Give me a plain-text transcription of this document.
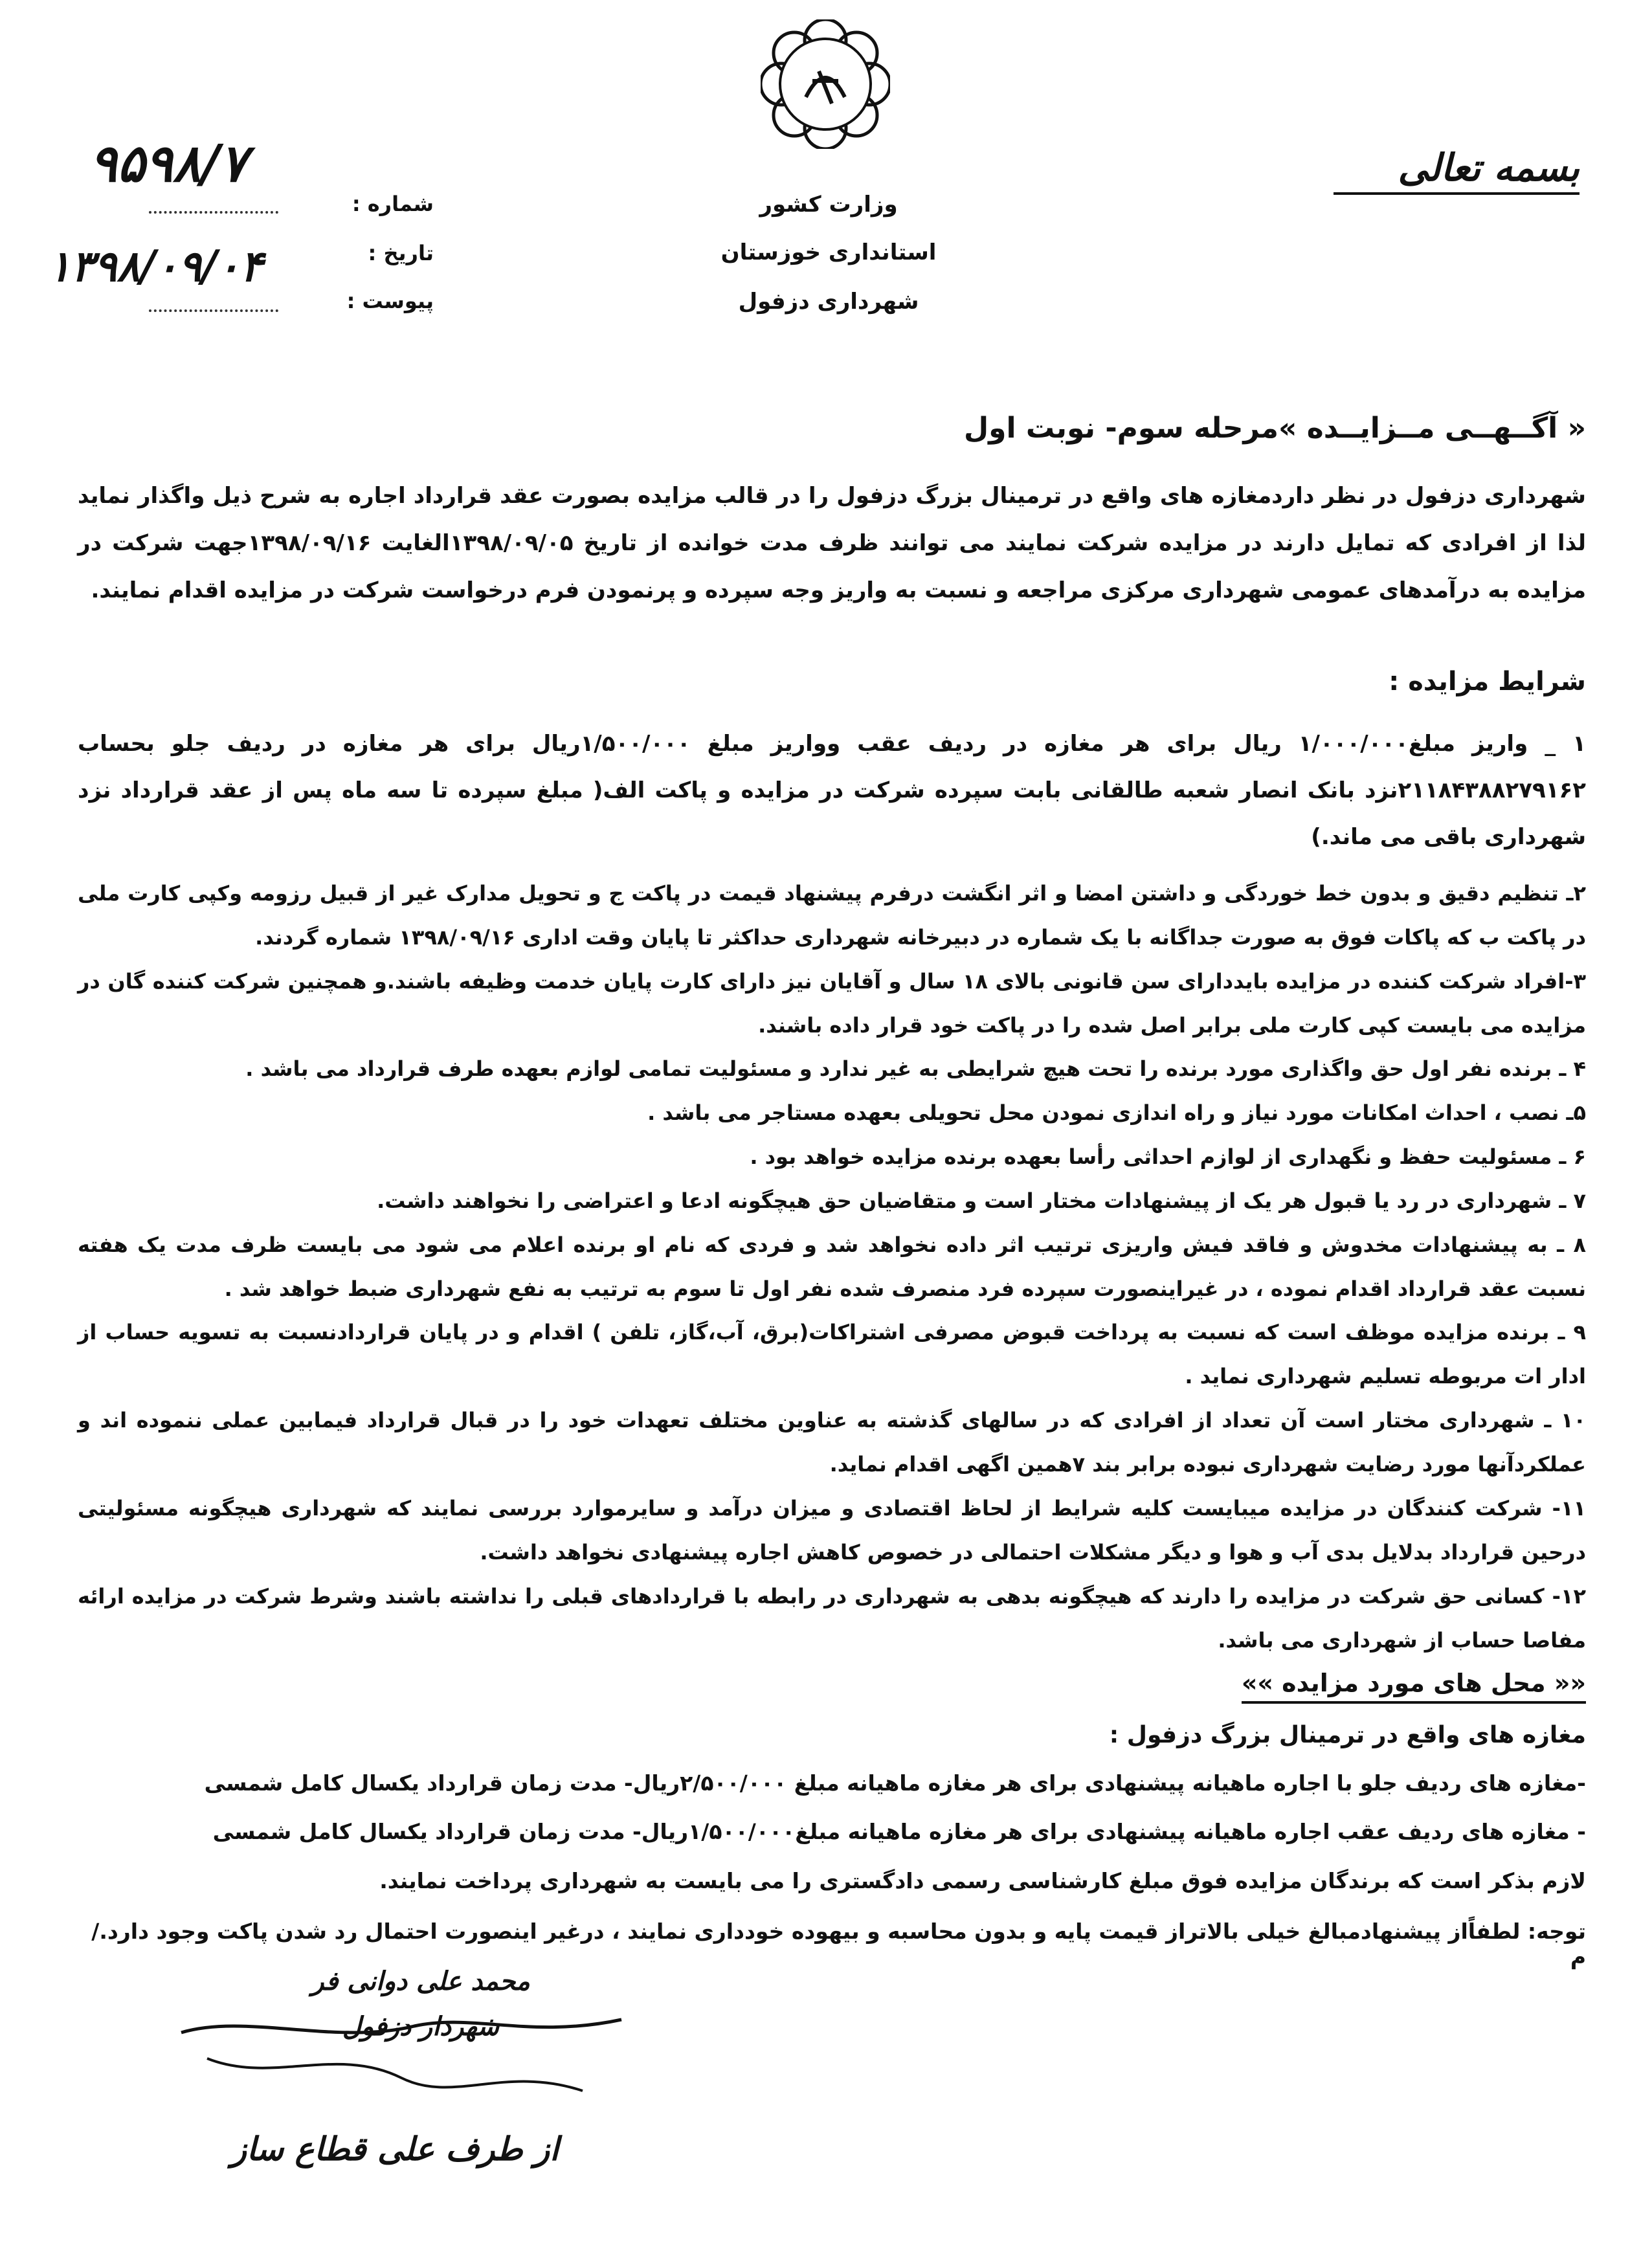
بسمه تعالی
وزارت کشور
استانداری خوزستان
شهرداری دزفول
شماره :
تاریخ :
پیوست :
۹۵۹۸/۷
۱۳۹۸/۰۹/۰۴
« آگــهــی مــزایــده »مرحله سوم- نوبت اول
شهرداری دزفول در نظر داردمغازه های واقع در ترمینال بزرگ دزفول را در قالب مزایده بصورت عقد قرارداد اجاره به شرح ذیل واگذار نماید لذا از افرادی که تمایل دارند در مزایده شرکت نمایند می توانند ظرف مدت خوانده از تاریخ ۱۳۹۸/۰۹/۰۵الغایت ۱۳۹۸/۰۹/۱۶جهت شرکت در مزایده به درآمدهای عمومی شهرداری مرکزی مراجعه و نسبت به واریز وجه سپرده و پرنمودن فرم درخواست شرکت در مزایده اقدام نمایند.
شرایط مزایده :
۱ _ واریز مبلغ۱/۰۰۰/۰۰۰ ریال برای هر مغازه در ردیف عقب وواریز مبلغ ۱/۵۰۰/۰۰۰ریال برای هر مغازه در ردیف جلو بحساب ۲۱۱۸۴۳۸۸۲۷۹۱۶۲نزد بانک انصار شعبه طالقانی بابت سپرده شرکت در مزایده و پاکت الف( مبلغ سپرده تا سه ماه پس از عقد قرارداد نزد شهرداری باقی می ماند.)
۲ـ تنظیم دقیق و بدون خط خوردگی و داشتن امضا و اثر انگشت درفرم پیشنهاد قیمت در پاکت ج و تحویل مدارک غیر از قبیل رزومه وکپی کارت ملی در پاکت ب که پاکات فوق به صورت جداگانه با یک شماره در دبیرخانه شهرداری حداکثر تا پایان وقت اداری ۱۳۹۸/۰۹/۱۶ شماره گردند.
۳-افراد شرکت کننده در مزایده بایددارای سن قانونی بالای ۱۸ سال و آقایان نیز دارای کارت پایان خدمت وظیفه باشند.و همچنین شرکت کننده گان در مزایده می بایست کپی کارت ملی برابر اصل شده را در پاکت خود قرار داده باشند.
۴ ـ برنده نفر اول حق واگذاری مورد برنده را تحت هیچ شرایطی به غیر ندارد و مسئولیت تمامی لوازم بعهده طرف قرارداد می باشد .
۵ـ نصب ، احداث امکانات مورد نیاز و راه اندازی نمودن محل تحویلی بعهده مستاجر می باشد .
۶ ـ مسئولیت حفظ و نگهداری از لوازم احداثی رأسا بعهده برنده مزایده خواهد بود .
۷ ـ شهرداری در رد یا قبول هر یک از پیشنهادات مختار است و متقاضیان حق هیچگونه ادعا و اعتراضی را نخواهند داشت.
۸ ـ به پیشنهادات مخدوش و فاقد فیش واریزی ترتیب اثر داده نخواهد شد و فردی که نام او برنده اعلام می شود می بایست ظرف مدت یک هفته نسبت عقد قرارداد اقدام نموده ، در غیراینصورت سپرده فرد منصرف شده نفر اول تا سوم به ترتیب به نفع شهرداری ضبط خواهد شد .
۹ ـ برنده مزایده موظف است که نسبت به پرداخت قبوض مصرفی اشتراکات(برق، آب،گاز، تلفن ) اقدام و در پایان قراردادنسبت به تسویه حساب از ادار ات مربوطه تسلیم شهرداری نماید .
۱۰ ـ شهرداری مختار است آن تعداد از افرادی که در سالهای گذشته به عناوین مختلف تعهدات خود را در قبال قرارداد فیمابین عملی ننموده اند و عملکردآنها مورد رضایت شهرداری نبوده برابر بند ۷همین اگهی اقدام نماید.
۱۱- شرکت کنندگان در مزایده میبایست کلیه شرایط از لحاظ اقتصادی و میزان درآمد و سایرموارد بررسی نمایند که شهرداری هیچگونه مسئولیتی درحین قرارداد بدلایل بدی آب و هوا و دیگر مشکلات احتمالی در خصوص کاهش اجاره پیشنهادی نخواهد داشت.
۱۲- کسانی حق شرکت در مزایده را دارند که هیچگونه بدهی به شهرداری در رابطه با قراردادهای قبلی را نداشته باشند وشرط شرکت در مزایده ارائه مفاصا حساب از شهرداری می باشد.
«« محل های مورد مزایده »»
مغازه های واقع در ترمینال بزرگ دزفول :
-مغازه های ردیف جلو با اجاره ماهیانه پیشنهادی برای هر مغازه ماهیانه مبلغ ۲/۵۰۰/۰۰۰ریال- مدت زمان قرارداد یکسال کامل شمسی
- مغازه های ردیف عقب اجاره ماهیانه پیشنهادی برای هر مغازه ماهیانه مبلغ۱/۵۰۰/۰۰۰ریال- مدت زمان قرارداد یکسال کامل شمسی
لازم بذکر است که برندگان مزایده فوق مبلغ کارشناسی رسمی دادگستری را می بایست به شهرداری پرداخت نمایند.
توجه: لطفاًاز پیشنهادمبالغ خیلی بالاتراز قیمت پایه و بدون محاسبه و بیهوده خودداری نمایند ، درغیر اینصورت احتمال رد شدن پاکت وجود دارد./م
محمد علی دوانی فر
شهردار دزفول
از طرف علی قطاع ساز
